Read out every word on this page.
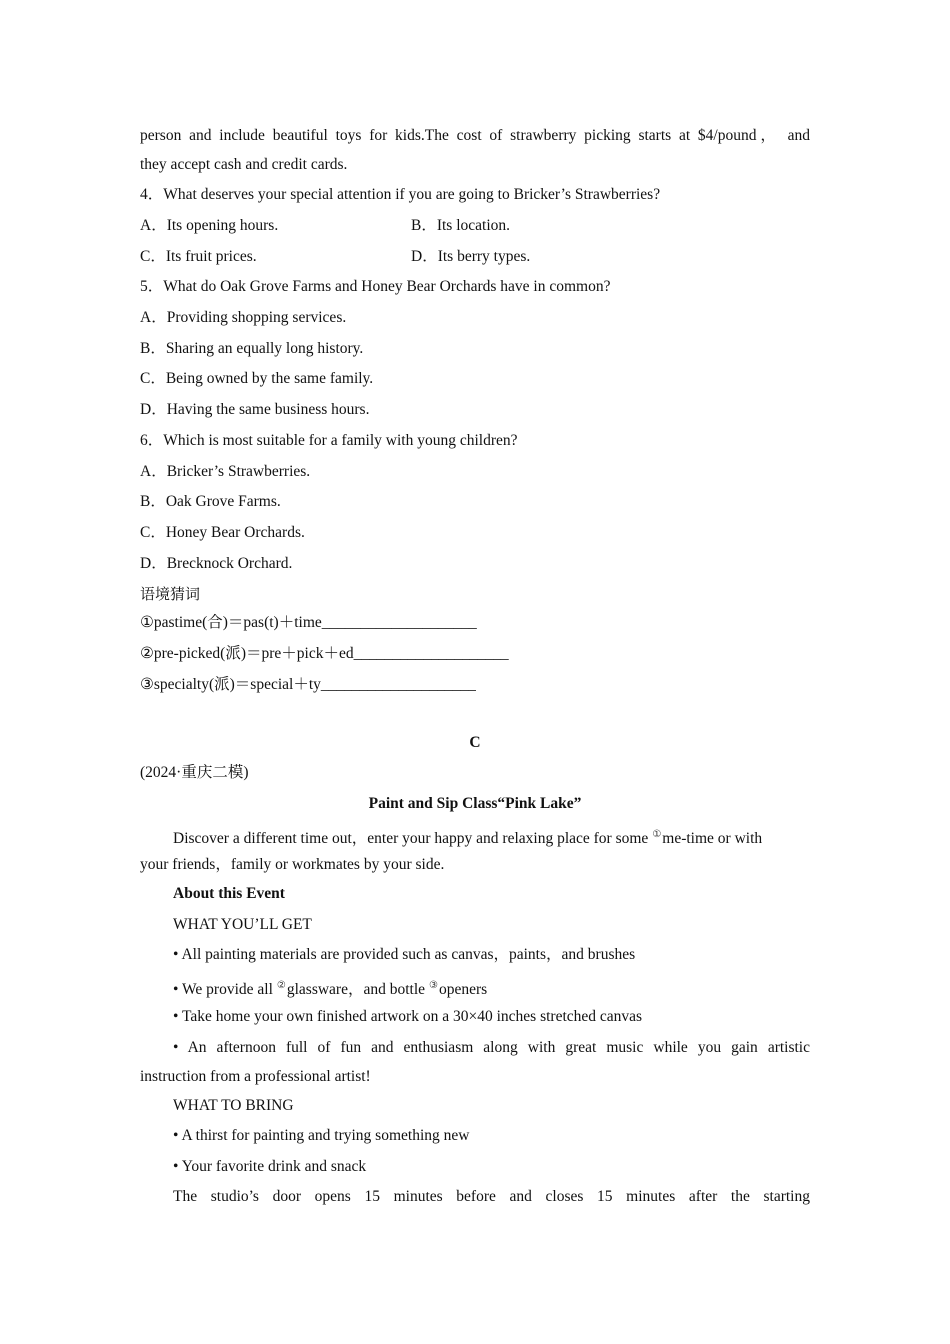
person and include beautiful toys for kids.The cost of strawberry picking starts at $4/pound， and
they accept cash and credit cards.
4．What deserves your special attention if you are going to Bricker’s Strawberries?
A．Its opening hours.	B．Its location.
C．Its fruit prices.	D．Its berry types.
5．What do Oak Grove Farms and Honey Bear Orchards have in common?
A．Providing shopping services.
B．Sharing an equally long history.
C．Being owned by the same family.
D．Having the same business hours.
6．Which is most suitable for a family with young children?
A．Bricker’s Strawberries.
B．Oak Grove Farms.
C．Honey Bear Orchards.
D．Brecknock Orchard.
语境猜词
①pastime(合)＝pas(t)＋time____________________
②pre-picked(派)＝pre＋pick＋ed____________________
③specialty(派)＝special＋ty____________________
C
(2024·重庆二模)
Paint and Sip Class“Pink Lake”
Discover a different time out，enter your happy and relaxing place for some ①me-time or with
your friends，family or workmates by your side.
About this Event
WHAT YOU’LL GET
• All painting materials are provided such as canvas，paints，and brushes
• We provide all ②glassware，and bottle ③openers
• Take home your own finished artwork on a 30×40 inches stretched canvas
• An afternoon full of fun and enthusiasm along with great music while you gain artistic
instruction from a professional artist!
WHAT TO BRING
• A thirst for painting and trying something new
• Your favorite drink and snack
The studio’s door opens 15 minutes before and closes 15 minutes after the starting
